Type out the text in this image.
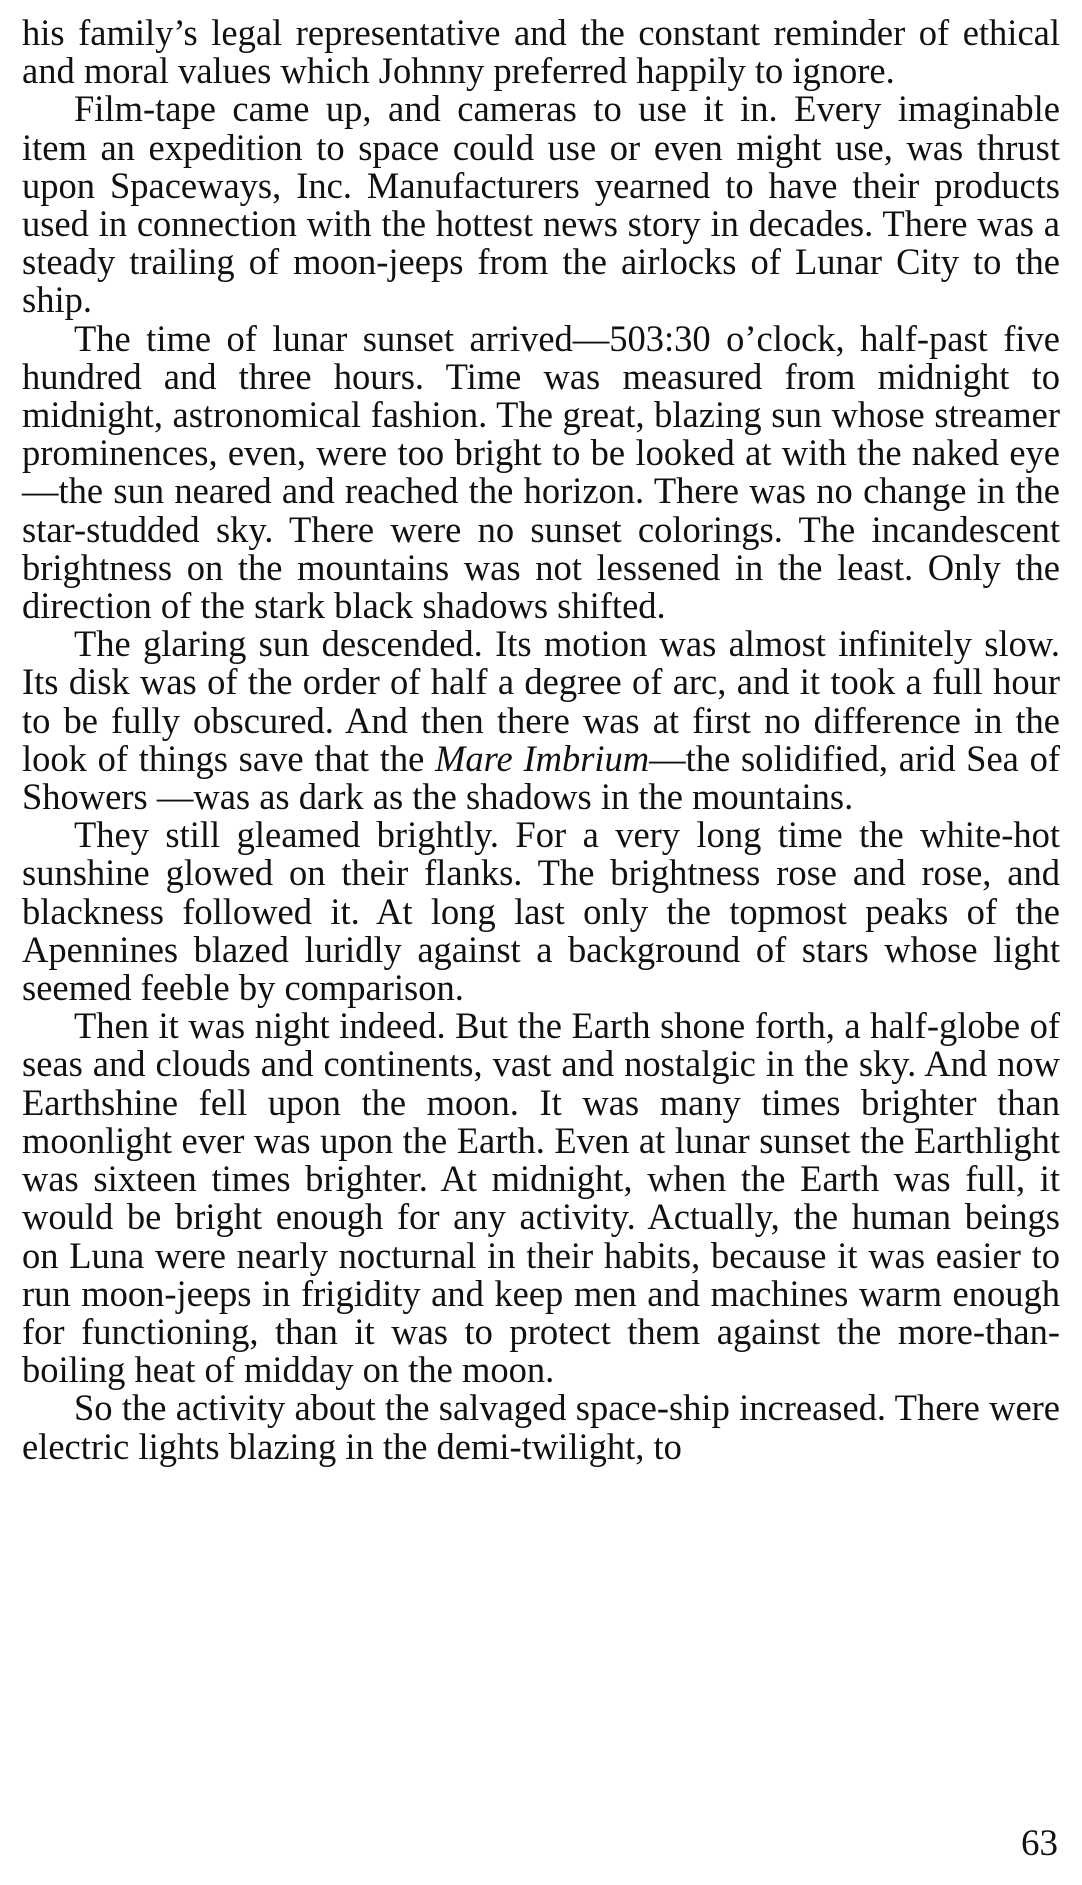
his family’s legal representative and the constant reminder of ethical and moral values which Johnny preferred happily to ignore.

Film-tape came up, and cameras to use it in. Every imaginable item an expedition to space could use or even might use, was thrust upon Spaceways, Inc. Manufacturers yearned to have their products used in connection with the hottest news story in decades. There was a steady trailing of moon-jeeps from the airlocks of Lunar City to the ship.

The time of lunar sunset arrived—503:30 o’clock, half-past five hundred and three hours. Time was measured from midnight to midnight, astronomical fashion. The great, blazing sun whose streamer prominences, even, were too bright to be looked at with the naked eye—the sun neared and reached the horizon. There was no change in the star-studded sky. There were no sunset colorings. The incandescent brightness on the mountains was not lessened in the least. Only the direction of the stark black shadows shifted.

The glaring sun descended. Its motion was almost infinitely slow. Its disk was of the order of half a degree of arc, and it took a full hour to be fully obscured. And then there was at first no difference in the look of things save that the Mare Imbrium—the solidified, arid Sea of Showers —was as dark as the shadows in the mountains.

They still gleamed brightly. For a very long time the white-hot sunshine glowed on their flanks. The brightness rose and rose, and blackness followed it. At long last only the topmost peaks of the Apennines blazed luridly against a background of stars whose light seemed feeble by comparison.

Then it was night indeed. But the Earth shone forth, a half-globe of seas and clouds and continents, vast and nostalgic in the sky. And now Earthshine fell upon the moon. It was many times brighter than moonlight ever was upon the Earth. Even at lunar sunset the Earthlight was sixteen times brighter. At midnight, when the Earth was full, it would be bright enough for any activity. Actually, the human beings on Luna were nearly nocturnal in their habits, because it was easier to run moon-jeeps in frigidity and keep men and machines warm enough for functioning, than it was to protect them against the more-than-boiling heat of midday on the moon.

So the activity about the salvaged space-ship increased. There were electric lights blazing in the demi-twilight, to

63
